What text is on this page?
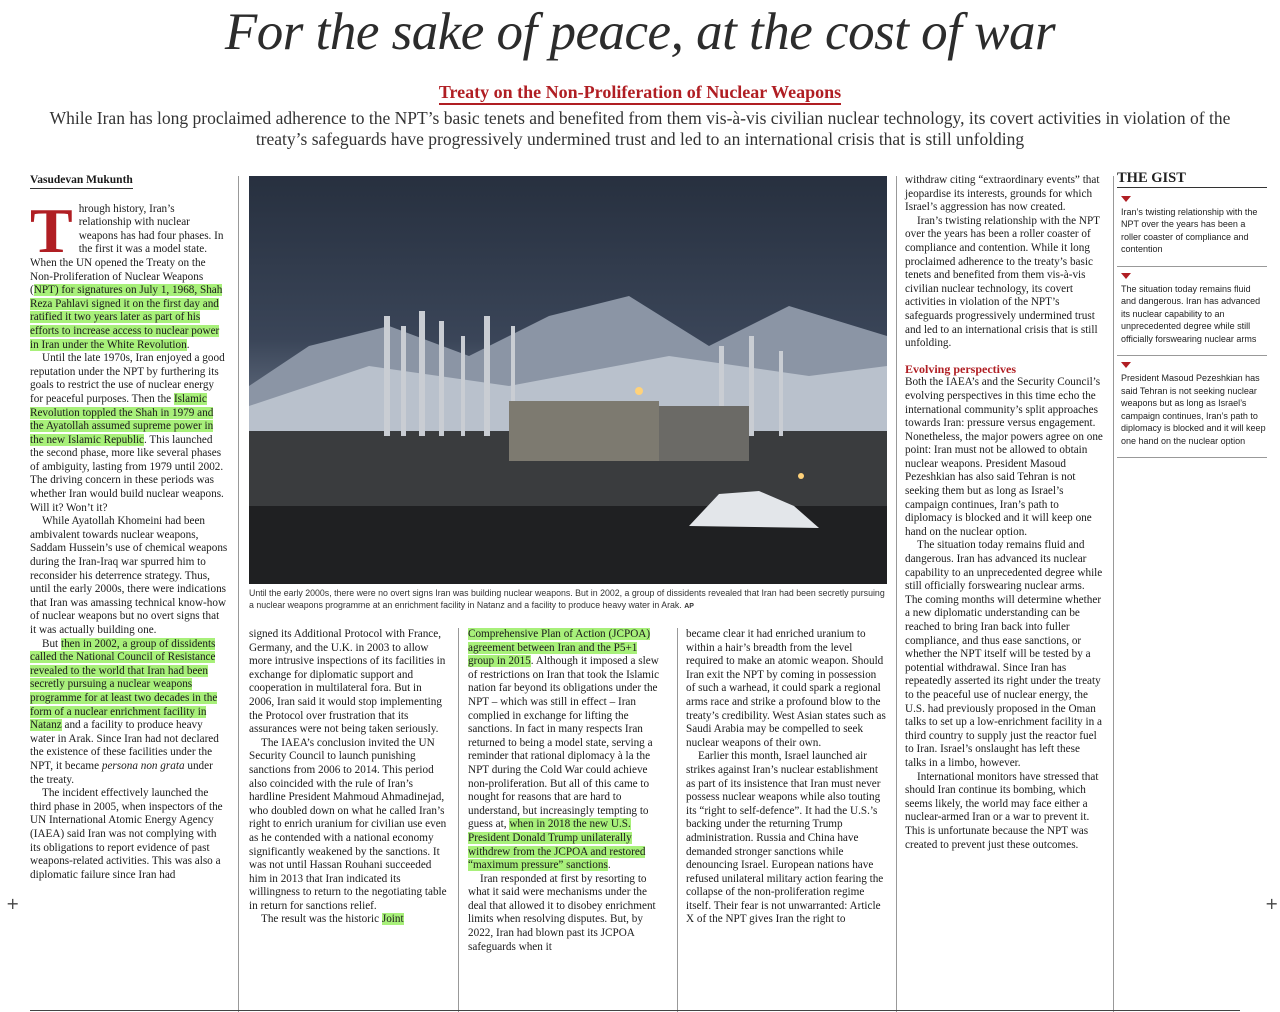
For the sake of peace, at the cost of war
Treaty on the Non-Proliferation of Nuclear Weapons
While Iran has long proclaimed adherence to the NPT’s basic tenets and benefited from them vis-à-vis civilian nuclear technology, its covert activities in violation of the treaty’s safeguards have progressively undermined trust and led to an international crisis that is still unfolding
Vasudevan Mukunth

Through history, Iran’s relationship with nuclear weapons has had four phases. In the first it was a model state. When the UN opened the Treaty on the Non-Proliferation of Nuclear Weapons (NPT) for signatures on July 1, 1968, Shah Reza Pahlavi signed it on the first day and ratified it two years later as part of his efforts to increase access to nuclear power in Iran under the White Revolution.

Until the late 1970s, Iran enjoyed a good reputation under the NPT by furthering its goals to restrict the use of nuclear energy for peaceful purposes. Then the Islamic Revolution toppled the Shah in 1979 and the Ayatollah assumed supreme power in the new Islamic Republic. This launched the second phase, more like several phases of ambiguity, lasting from 1979 until 2002. The driving concern in these periods was whether Iran would build nuclear weapons. Will it? Won’t it?

While Ayatollah Khomeini had been ambivalent towards nuclear weapons, Saddam Hussein’s use of chemical weapons during the Iran-Iraq war spurred him to reconsider his deterrence strategy. Thus, until the early 2000s, there were indications that Iran was amassing technical know-how of nuclear weapons but no overt signs that it was actually building one.

But then in 2002, a group of dissidents called the National Council of Resistance revealed to the world that Iran had been secretly pursuing a nuclear weapons programme for at least two decades in the form of a nuclear enrichment facility in Natanz and a facility to produce heavy water in Arak. Since Iran had not declared the existence of these facilities under the NPT, it became persona non grata under the treaty.

The incident effectively launched the third phase in 2005, when inspectors of the UN International Atomic Energy Agency (IAEA) said Iran was not complying with its obligations to report evidence of past weapons-related activities. This was also a diplomatic failure since Iran had

Until the early 2000s, there were no overt signs Iran was building nuclear weapons. But in 2002, a group of dissidents revealed that Iran had been secretly pursuing a nuclear weapons programme at an enrichment facility in Natanz and a facility to produce heavy water in Arak. AP

signed its Additional Protocol with France, Germany, and the U.K. in 2003 to allow more intrusive inspections of its facilities in exchange for diplomatic support and cooperation in multilateral fora. But in 2006, Iran said it would stop implementing the Protocol over frustration that its assurances were not being taken seriously.

The IAEA’s conclusion invited the UN Security Council to launch punishing sanctions from 2006 to 2014. This period also coincided with the rule of Iran’s hardline President Mahmoud Ahmadinejad, who doubled down on what he called Iran’s right to enrich uranium for civilian use even as he contended with a national economy significantly weakened by the sanctions. It was not until Hassan Rouhani succeeded him in 2013 that Iran indicated its willingness to return to the negotiating table in return for sanctions relief.

The result was the historic Joint

Comprehensive Plan of Action (JCPOA) agreement between Iran and the P5+1 group in 2015. Although it imposed a slew of restrictions on Iran that took the Islamic nation far beyond its obligations under the NPT – which was still in effect – Iran complied in exchange for lifting the sanctions. In fact in many respects Iran returned to being a model state, serving a reminder that rational diplomacy à la the NPT during the Cold War could achieve non-proliferation. But all of this came to nought for reasons that are hard to understand, but increasingly tempting to guess at, when in 2018 the new U.S. President Donald Trump unilaterally withdrew from the JCPOA and restored “maximum pressure” sanctions.

Iran responded at first by resorting to what it said were mechanisms under the deal that allowed it to disobey enrichment limits when resolving disputes. But, by 2022, Iran had blown past its JCPOA safeguards when it

became clear it had enriched uranium to within a hair’s breadth from the level required to make an atomic weapon. Should Iran exit the NPT by coming in possession of such a warhead, it could spark a regional arms race and strike a profound blow to the treaty’s credibility. West Asian states such as Saudi Arabia may be compelled to seek nuclear weapons of their own.

Earlier this month, Israel launched air strikes against Iran’s nuclear establishment as part of its insistence that Iran must never possess nuclear weapons while also touting its “right to self-defence”. It had the U.S.’s backing under the returning Trump administration. Russia and China have demanded stronger sanctions while denouncing Israel. European nations have refused unilateral military action fearing the collapse of the non-proliferation regime itself. Their fear is not unwarranted: Article X of the NPT gives Iran the right to

withdraw citing “extraordinary events” that jeopardise its interests, grounds for which Israel’s aggression has now created.

Iran’s twisting relationship with the NPT over the years has been a roller coaster of compliance and contention. While it long proclaimed adherence to the treaty’s basic tenets and benefited from them vis-à-vis civilian nuclear technology, its covert activities in violation of the NPT’s safeguards progressively undermined trust and led to an international crisis that is still unfolding.

Evolving perspectives

Both the IAEA’s and the Security Council’s evolving perspectives in this time echo the international community’s split approaches towards Iran: pressure versus engagement. Nonetheless, the major powers agree on one point: Iran must not be allowed to obtain nuclear weapons. President Masoud Pezeshkian has also said Tehran is not seeking them but as long as Israel’s campaign continues, Iran’s path to diplomacy is blocked and it will keep one hand on the nuclear option.

The situation today remains fluid and dangerous. Iran has advanced its nuclear capability to an unprecedented degree while still officially forswearing nuclear arms. The coming months will determine whether a new diplomatic understanding can be reached to bring Iran back into fuller compliance, and thus ease sanctions, or whether the NPT itself will be tested by a potential withdrawal. Since Iran has repeatedly asserted its right under the treaty to the peaceful use of nuclear energy, the U.S. had previously proposed in the Oman talks to set up a low-enrichment facility in a third country to supply just the reactor fuel to Iran. Israel’s onslaught has left these talks in a limbo, however.

International monitors have stressed that should Iran continue its bombing, which seems likely, the world may face either a nuclear-armed Iran or a war to prevent it. This is unfortunate because the NPT was created to prevent just these outcomes.

THE GIST
Iran’s twisting relationship with the NPT over the years has been a roller coaster of compliance and contention
The situation today remains fluid and dangerous. Iran has advanced its nuclear capability to an unprecedented degree while still officially forswearing nuclear arms
President Masoud Pezeshkian has said Tehran is not seeking nuclear weapons but as long as Israel’s campaign continues, Iran’s path to diplomacy is blocked and it will keep one hand on the nuclear option
+	+
